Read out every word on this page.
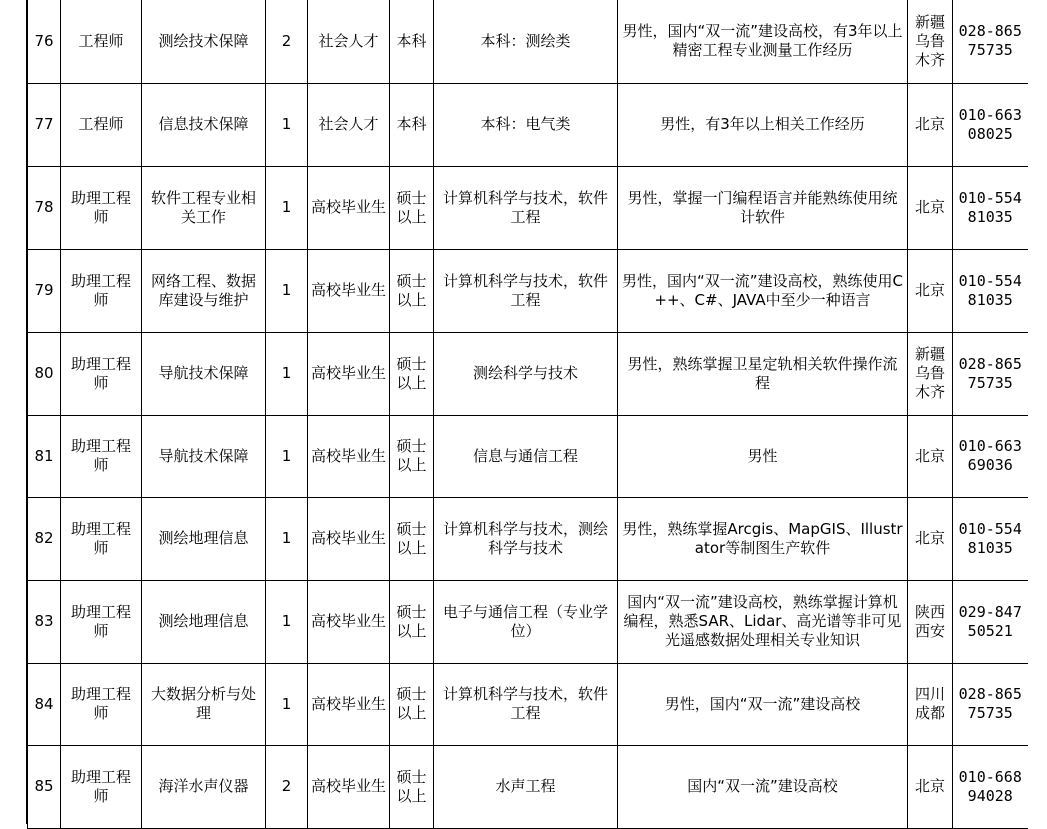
76	工程师	测绘技术保障	2	社会人才	本科	本科：测绘类	男性，国内“双一流”建设高校，有3年以上精密工程专业测量工作经历	新疆乌鲁木齐	028-86575735
77	工程师	信息技术保障	1	社会人才	本科	本科：电气类	男性，有3年以上相关工作经历	北京	010-66308025
78	助理工程师	软件工程专业相关工作	1	高校毕业生	硕士以上	计算机科学与技术，软件工程	男性，掌握一门编程语言并能熟练使用统计软件	北京	010-55481035
79	助理工程师	网络工程、数据库建设与维护	1	高校毕业生	硕士以上	计算机科学与技术，软件工程	男性，国内“双一流”建设高校，熟练使用C++、C#、JAVA中至少一种语言	北京	010-55481035
80	助理工程师	导航技术保障	1	高校毕业生	硕士以上	测绘科学与技术	男性，熟练掌握卫星定轨相关软件操作流程	新疆乌鲁木齐	028-86575735
81	助理工程师	导航技术保障	1	高校毕业生	硕士以上	信息与通信工程	男性	北京	010-66369036
82	助理工程师	测绘地理信息	1	高校毕业生	硕士以上	计算机科学与技术，测绘科学与技术	男性，熟练掌握Arcgis、MapGIS、Illustrator等制图生产软件	北京	010-55481035
83	助理工程师	测绘地理信息	1	高校毕业生	硕士以上	电子与通信工程（专业学位）	国内“双一流”建设高校，熟练掌握计算机编程，熟悉SAR、Lidar、高光谱等非可见光遥感数据处理相关专业知识	陕西西安	029-84750521
84	助理工程师	大数据分析与处理	1	高校毕业生	硕士以上	计算机科学与技术，软件工程	男性，国内“双一流”建设高校	四川成都	028-86575735
85	助理工程师	海洋水声仪器	2	高校毕业生	硕士以上	水声工程	国内“双一流”建设高校	北京	010-66894028
